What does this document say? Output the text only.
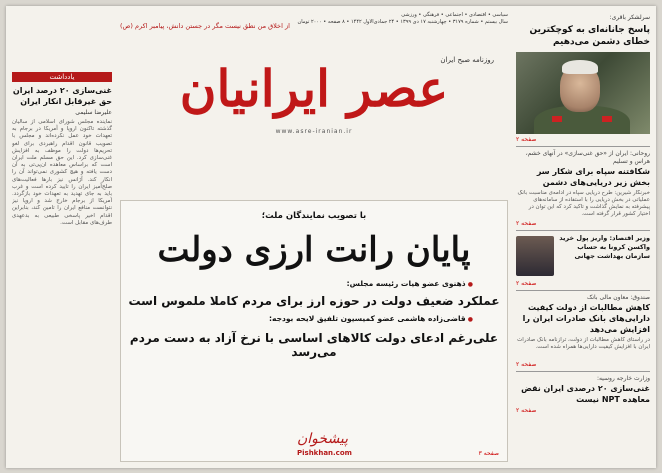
سرلشکر باقری:
پاسخ جانانه‌ای به کوچکترین خطای دشمن می‌دهیم
صفحه ۲
روحانی: ایران از «حق غنی‌سازی» در آنهای خشم، هراس و تسلیم
شکافتنه سپاه برای شکار سر بخش زیر دریایی‌های دشمن
خبرنگار شیرین: طرح دریایی سپاه در ادامه‌ی مناسبت بانک عملیاتی در بخش دریایی را با استفاده از سامانه‌های پیشرفته به نمایش گذاشت و تاکید کرد که این توان در اختیار کشور قرار گرفته است.
صفحه ۲
وزیر اقتصاد: واریز پول خرید واکسن کرونا به حساب سازمان بهداشت جهانی
صفحه ۲
صندوق: معاون مالی بانک
کاهش مطالبات از دولت کیفیت دارایی‌های بانک صادرات ایران را افزایش می‌دهد
در راستای کاهش مطالبات از دولت، ترازنامه بانک صادرات ایران با افزایش کیفیت دارایی‌ها همراه شده است.
صفحه ۲
وزارت خارجه روسیه:
غنی‌سازی ۲۰ درصدی ایران نقض معاهده NPT نیست
صفحه ۲
یادداشت
غنی‌سازی ۲۰ درصد ایران حق غیرقابل انکار ایران
علیرضا سلیمی
نماینده مجلس شورای اسلامی از سالیان گذشته تاکنون اروپا و آمریکا در برجام به تعهدات خود عمل نکرده‌اند و مجلس با تصویب قانون اقدام راهبردی برای لغو تحریم‌ها دولت را موظف به افزایش غنی‌سازی کرد. این حق مسلم ملت ایران است که براساس معاهده ان‌پی‌تی به آن دست یافته و هیچ کشوری نمی‌تواند آن را انکار کند. آژانس نیز بارها فعالیت‌های صلح‌آمیز ایران را تایید کرده است و غرب باید به جای تهدید به تعهدات خود بازگردد. آمریکا از برجام خارج شد و اروپا نیز نتوانست منافع ایران را تامین کند، بنابراین اقدام اخیر پاسخی طبیعی به بدعهدی طرف‌های مقابل است.
سیاسی • اقتصادی • اجتماعی • فرهنگی • ورزشی
سال بیستم • شماره ۳۱۷۹ • چهارشنبه ۱۷ دی ۱۳۹۹ • ۲۴ جمادی‌الاول ۱۴۴۲ • ۸ صفحه • ۲۰۰۰ تومان
از اخلاق من نطق نیست مگر در جستن دانش، پیامبر اکرم (ص)
روزنامه صبح ایران
عصر ایرانیان
www.asre-iranian.ir
با تصویب نمایندگان ملت؛
پایان رانت ارزی دولت
● ذهنوی عضو هیات رئیسه مجلس:
عملکرد ضعیف دولت در حوزه ارز برای مردم کاملا ملموس است
● قاضی‌زاده هاشمی عضو کمیسیون تلفیق لایحه بودجه:
علی‌رغم ادعای دولت کالاهای اساسی با نرخ آزاد به دست مردم می‌رسد
پیشخوان
Pishkhan.com	صفحه ۳
